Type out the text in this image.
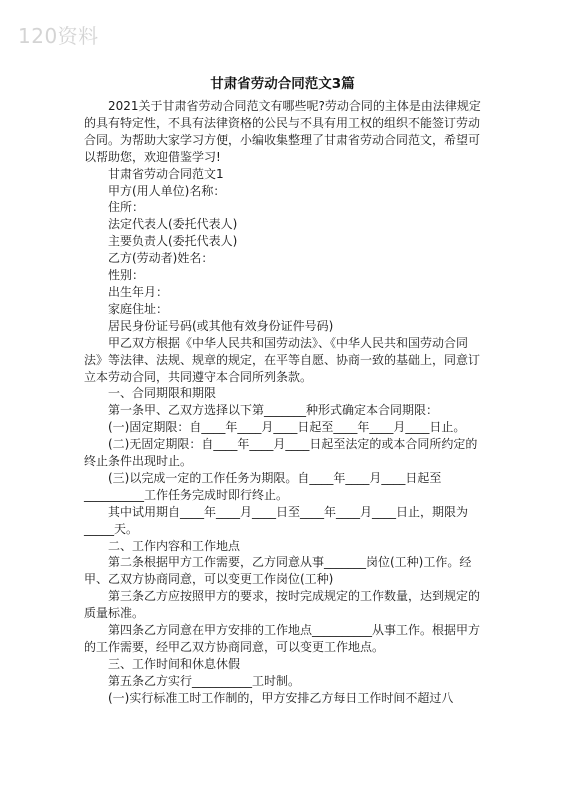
120资料
甘肃省劳动合同范文3篇

2021关于甘肃省劳动合同范文有哪些呢?劳动合同的主体是由法律规定的具有特定性，不具有法律资格的公民与不具有用工权的组织不能签订劳动合同。为帮助大家学习方便，小编收集整理了甘肃省劳动合同范文，希望可以帮助您，欢迎借鉴学习!

甘肃省劳动合同范文1

甲方(用人单位)名称：

住所：

法定代表人(委托代表人)

主要负责人(委托代表人)

乙方(劳动者)姓名：

性别：

出生年月：

家庭住址：

居民身份证号码(或其他有效身份证件号码)

甲乙双方根据《中华人民共和国劳动法》、《中华人民共和国劳动合同法》等法律、法规、规章的规定，在平等自愿、协商一致的基础上，同意订立本劳动合同，共同遵守本合同所列条款。

一、合同期限和期限

第一条甲、乙双方选择以下第_______种形式确定本合同期限：

(一)固定期限：自____年____月____日起至____年____月____日止。

(二)无固定期限：自____年____月____日起至法定的或本合同所约定的终止条件出现时止。

(三)以完成一定的工作任务为期限。自____年____月____日起至__________工作任务完成时即行终止。

其中试用期自____年____月____日至____年____月____日止，期限为_____天。

二、工作内容和工作地点

第二条根据甲方工作需要，乙方同意从事_______岗位(工种)工作。经甲、乙双方协商同意，可以变更工作岗位(工种)

第三条乙方应按照甲方的要求，按时完成规定的工作数量，达到规定的质量标准。

第四条乙方同意在甲方安排的工作地点__________从事工作。根据甲方的工作需要，经甲乙双方协商同意，可以变更工作地点。

三、工作时间和休息休假

第五条乙方实行__________工时制。

(一)实行标准工时工作制的，甲方安排乙方每日工作时间不超过八
